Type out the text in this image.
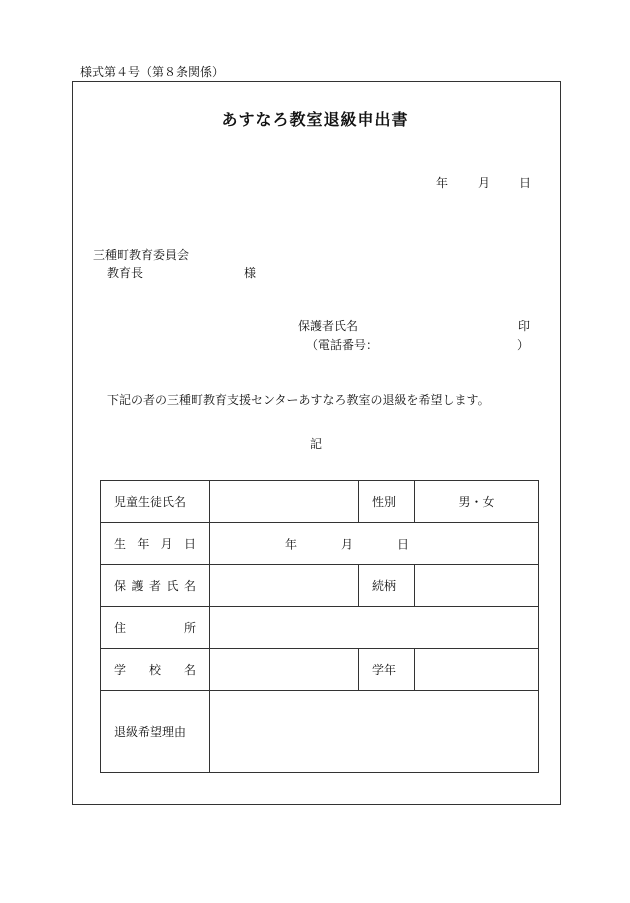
様式第４号（第８条関係）
あすなろ教室退級申出書
年 月 日
三種町教育委員会
教育長	様
保護者氏名	印
（電話番号：	）
下記の者の三種町教育支援センターあすなろ教室の退級を希望します。
記
児童生徒氏名		性別	男・女

生 年 月 日	年 月 日		

保 護 者 氏 名		続柄	

住 所			

学 校 名		学年	
退級希望理由			
